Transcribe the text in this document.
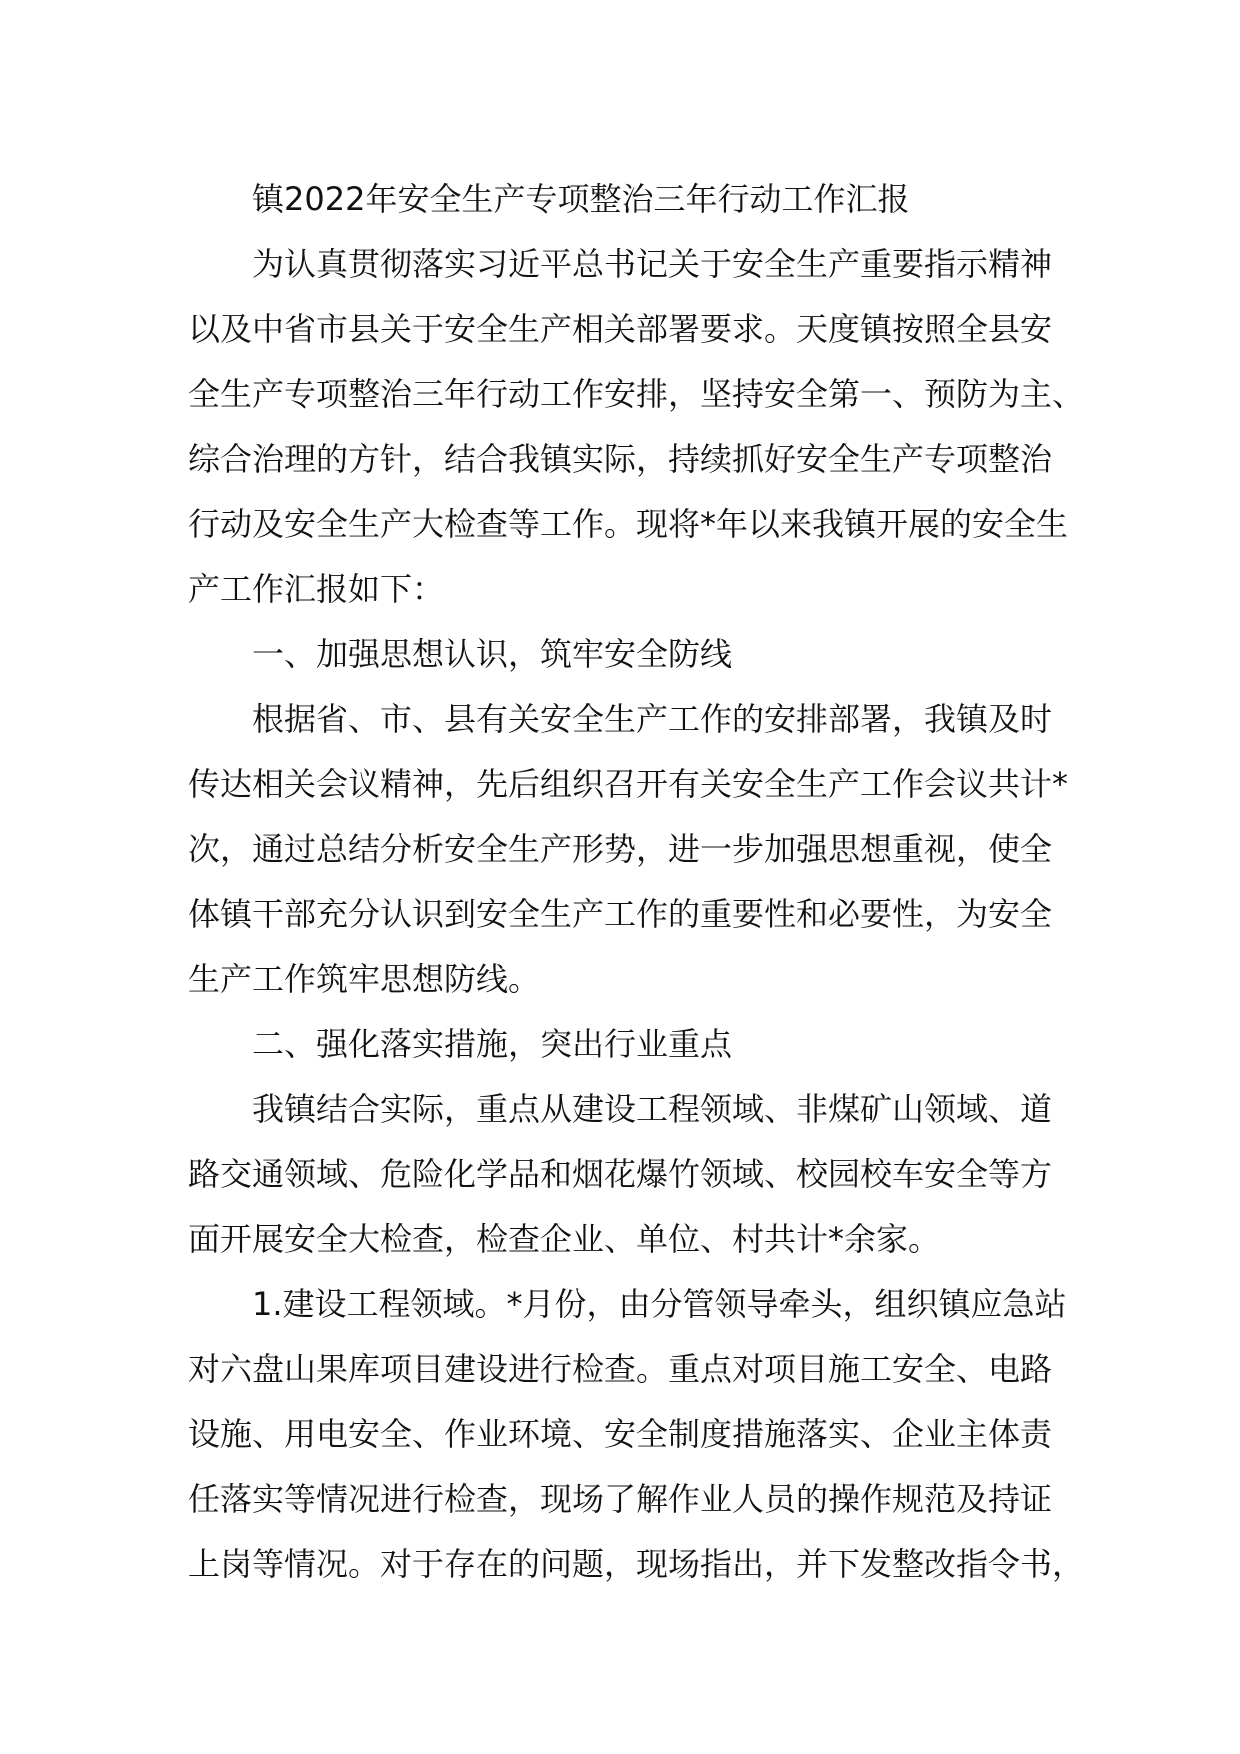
镇2022年安全生产专项整治三年行动工作汇报

为认真贯彻落实习近平总书记关于安全生产重要指示精神

以及中省市县关于安全生产相关部署要求。天度镇按照全县安

全生产专项整治三年行动工作安排，坚持安全第一、预防为主、

综合治理的方针，结合我镇实际，持续抓好安全生产专项整治

行动及安全生产大检查等工作。现将*年以来我镇开展的安全生

产工作汇报如下：

一、加强思想认识，筑牢安全防线

根据省、市、县有关安全生产工作的安排部署，我镇及时

传达相关会议精神，先后组织召开有关安全生产工作会议共计*

次，通过总结分析安全生产形势，进一步加强思想重视，使全

体镇干部充分认识到安全生产工作的重要性和必要性，为安全

生产工作筑牢思想防线。

二、强化落实措施，突出行业重点

我镇结合实际，重点从建设工程领域、非煤矿山领域、道

路交通领域、危险化学品和烟花爆竹领域、校园校车安全等方

面开展安全大检查，检查企业、单位、村共计*余家。

1.建设工程领域。*月份，由分管领导牵头，组织镇应急站

对六盘山果库项目建设进行检查。重点对项目施工安全、电路

设施、用电安全、作业环境、安全制度措施落实、企业主体责

任落实等情况进行检查，现场了解作业人员的操作规范及持证

上岗等情况。对于存在的问题，现场指出，并下发整改指令书，
